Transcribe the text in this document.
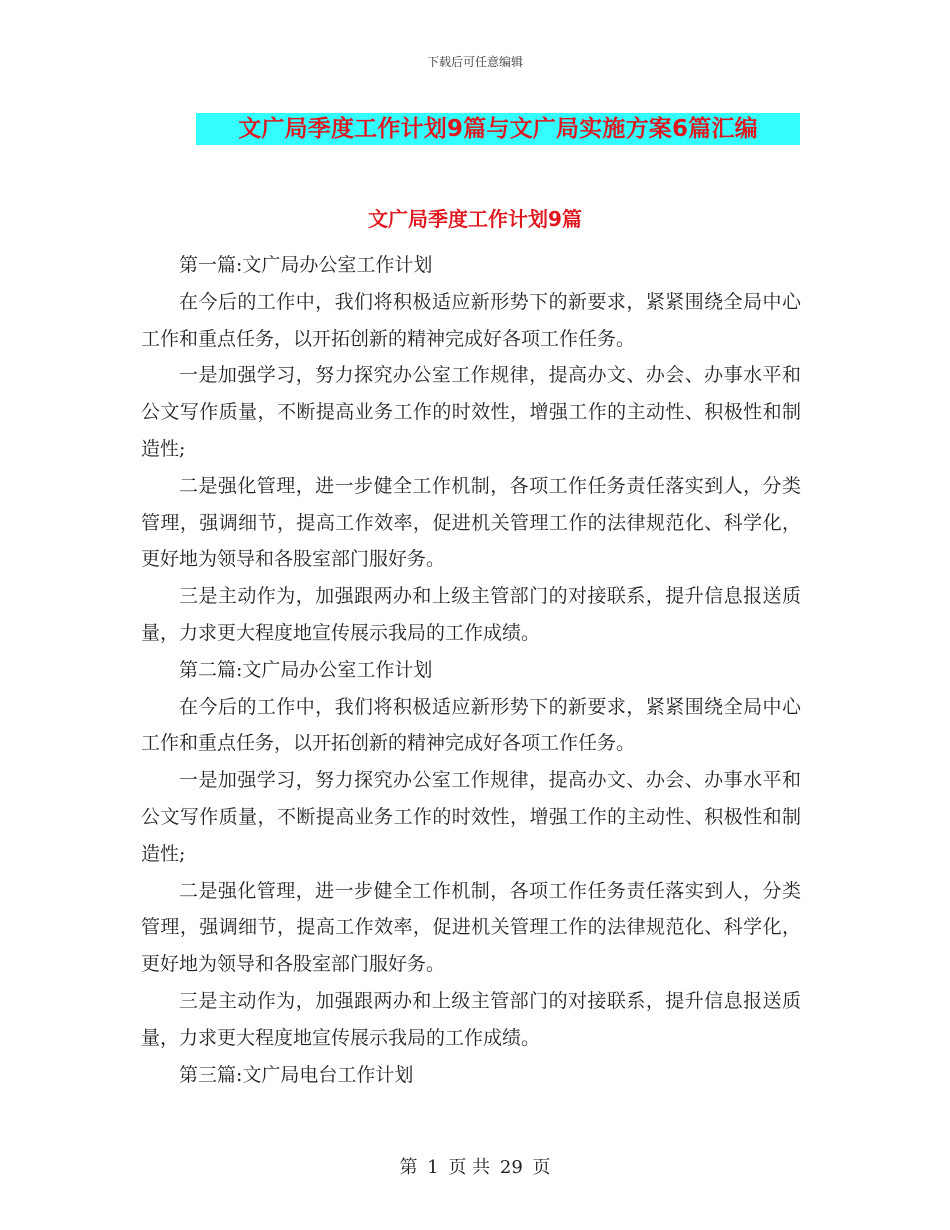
下载后可任意编辑
文广局季度工作计划9篇与文广局实施方案6篇汇编
文广局季度工作计划9篇

第一篇:文广局办公室工作计划

在今后的工作中，我们将积极适应新形势下的新要求，紧紧围绕全局中心工作和重点任务，以开拓创新的精神完成好各项工作任务。

一是加强学习，努力探究办公室工作规律，提高办文、办会、办事水平和公文写作质量，不断提高业务工作的时效性，增强工作的主动性、积极性和制造性;

二是强化管理，进一步健全工作机制，各项工作任务责任落实到人，分类管理，强调细节，提高工作效率，促进机关管理工作的法律规范化、科学化，更好地为领导和各股室部门服好务。

三是主动作为，加强跟两办和上级主管部门的对接联系，提升信息报送质量，力求更大程度地宣传展示我局的工作成绩。

第二篇:文广局办公室工作计划

在今后的工作中，我们将积极适应新形势下的新要求，紧紧围绕全局中心工作和重点任务，以开拓创新的精神完成好各项工作任务。

一是加强学习，努力探究办公室工作规律，提高办文、办会、办事水平和公文写作质量，不断提高业务工作的时效性，增强工作的主动性、积极性和制造性;

二是强化管理，进一步健全工作机制，各项工作任务责任落实到人，分类管理，强调细节，提高工作效率，促进机关管理工作的法律规范化、科学化，更好地为领导和各股室部门服好务。

三是主动作为，加强跟两办和上级主管部门的对接联系，提升信息报送质量，力求更大程度地宣传展示我局的工作成绩。

第三篇:文广局电台工作计划

第 1 页 共 29 页
